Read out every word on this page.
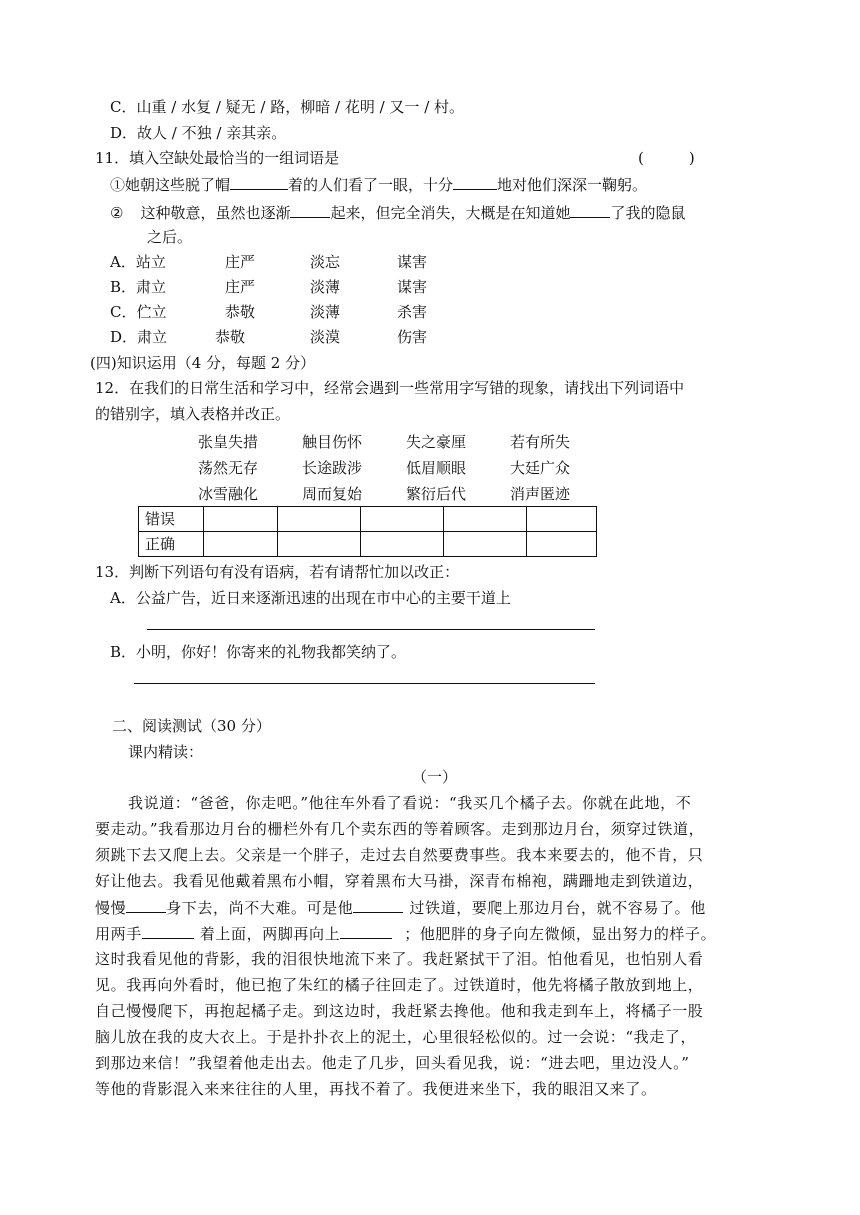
C．山重 / 水复 / 疑无 / 路，柳暗 / 花明 / 又一 / 村。
D．故人 / 不独 / 亲其亲。
11．填入空缺处最恰当的一组词语是	(　　　)
①她朝这些脱了帽	着的人们看了一眼，十分	地对他们深深一鞠躬。
② 这种敬意，虽然也逐渐	起来，但完全消失，大概是在知道她	了我的隐鼠
之后。
A．站立	庄严	淡忘	谋害
B．肃立	庄严	淡薄	谋害
C．伫立	恭敬	淡薄	杀害
D．肃立	恭敬	淡漠	伤害
(四)知识运用（4 分，每题 2 分）
12．在我们的日常生活和学习中，经常会遇到一些常用字写错的现象，请找出下列词语中
的错别字，填入表格并改正。
张皇失措	触目伤怀	失之豪厘	若有所失
荡然无存	长途跋涉	低眉顺眼	大廷广众
冰雪融化	周而复始	繁衍后代	消声匿迹
错误					
正确					
13．判断下列语句有没有语病，若有请帮忙加以改正：
A．公益广告，近日来逐渐迅速的出现在市中心的主要干道上
B．小明，你好！你寄来的礼物我都笑纳了。
二、阅读测试（30 分）
课内精读：
（一）
我说道：“爸爸，你走吧。”他往车外看了看说：“我买几个橘子去。你就在此地，不
要走动。”我看那边月台的栅栏外有几个卖东西的等着顾客。走到那边月台，须穿过铁道，
须跳下去又爬上去。父亲是一个胖子，走过去自然要费事些。我本来要去的，他不肯，只
好让他去。我看见他戴着黑布小帽，穿着黑布大马褂，深青布棉袍，蹒跚地走到铁道边，
慢慢	身下去，尚不大难。可是他	过铁道，要爬上那边月台，就不容易了。他
用两手	着上面，两脚再向上	；他肥胖的身子向左微倾，显出努力的样子。
这时我看见他的背影，我的泪很快地流下来了。我赶紧拭干了泪。怕他看见，也怕别人看
见。我再向外看时，他已抱了朱红的橘子往回走了。过铁道时，他先将橘子散放到地上，
自己慢慢爬下，再抱起橘子走。到这边时，我赶紧去搀他。他和我走到车上，将橘子一股
脑儿放在我的皮大衣上。于是扑扑衣上的泥土，心里很轻松似的。过一会说：“我走了，
到那边来信！”我望着他走出去。他走了几步，回头看见我，说：“进去吧，里边没人。”
等他的背影混入来来往往的人里，再找不着了。我便进来坐下，我的眼泪又来了。
